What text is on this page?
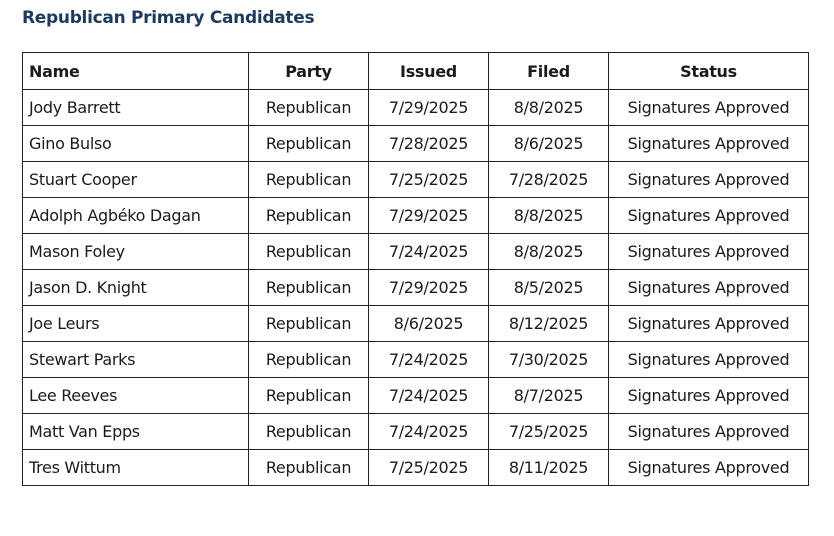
Republican Primary Candidates
Name	Party	Issued	Filed	Status
Jody Barrett	Republican	7/29/2025	8/8/2025	Signatures Approved
Gino Bulso	Republican	7/28/2025	8/6/2025	Signatures Approved
Stuart Cooper	Republican	7/25/2025	7/28/2025	Signatures Approved
Adolph Agbéko Dagan	Republican	7/29/2025	8/8/2025	Signatures Approved
Mason Foley	Republican	7/24/2025	8/8/2025	Signatures Approved
Jason D. Knight	Republican	7/29/2025	8/5/2025	Signatures Approved
Joe Leurs	Republican	8/6/2025	8/12/2025	Signatures Approved
Stewart Parks	Republican	7/24/2025	7/30/2025	Signatures Approved
Lee Reeves	Republican	7/24/2025	8/7/2025	Signatures Approved
Matt Van Epps	Republican	7/24/2025	7/25/2025	Signatures Approved
Tres Wittum	Republican	7/25/2025	8/11/2025	Signatures Approved
